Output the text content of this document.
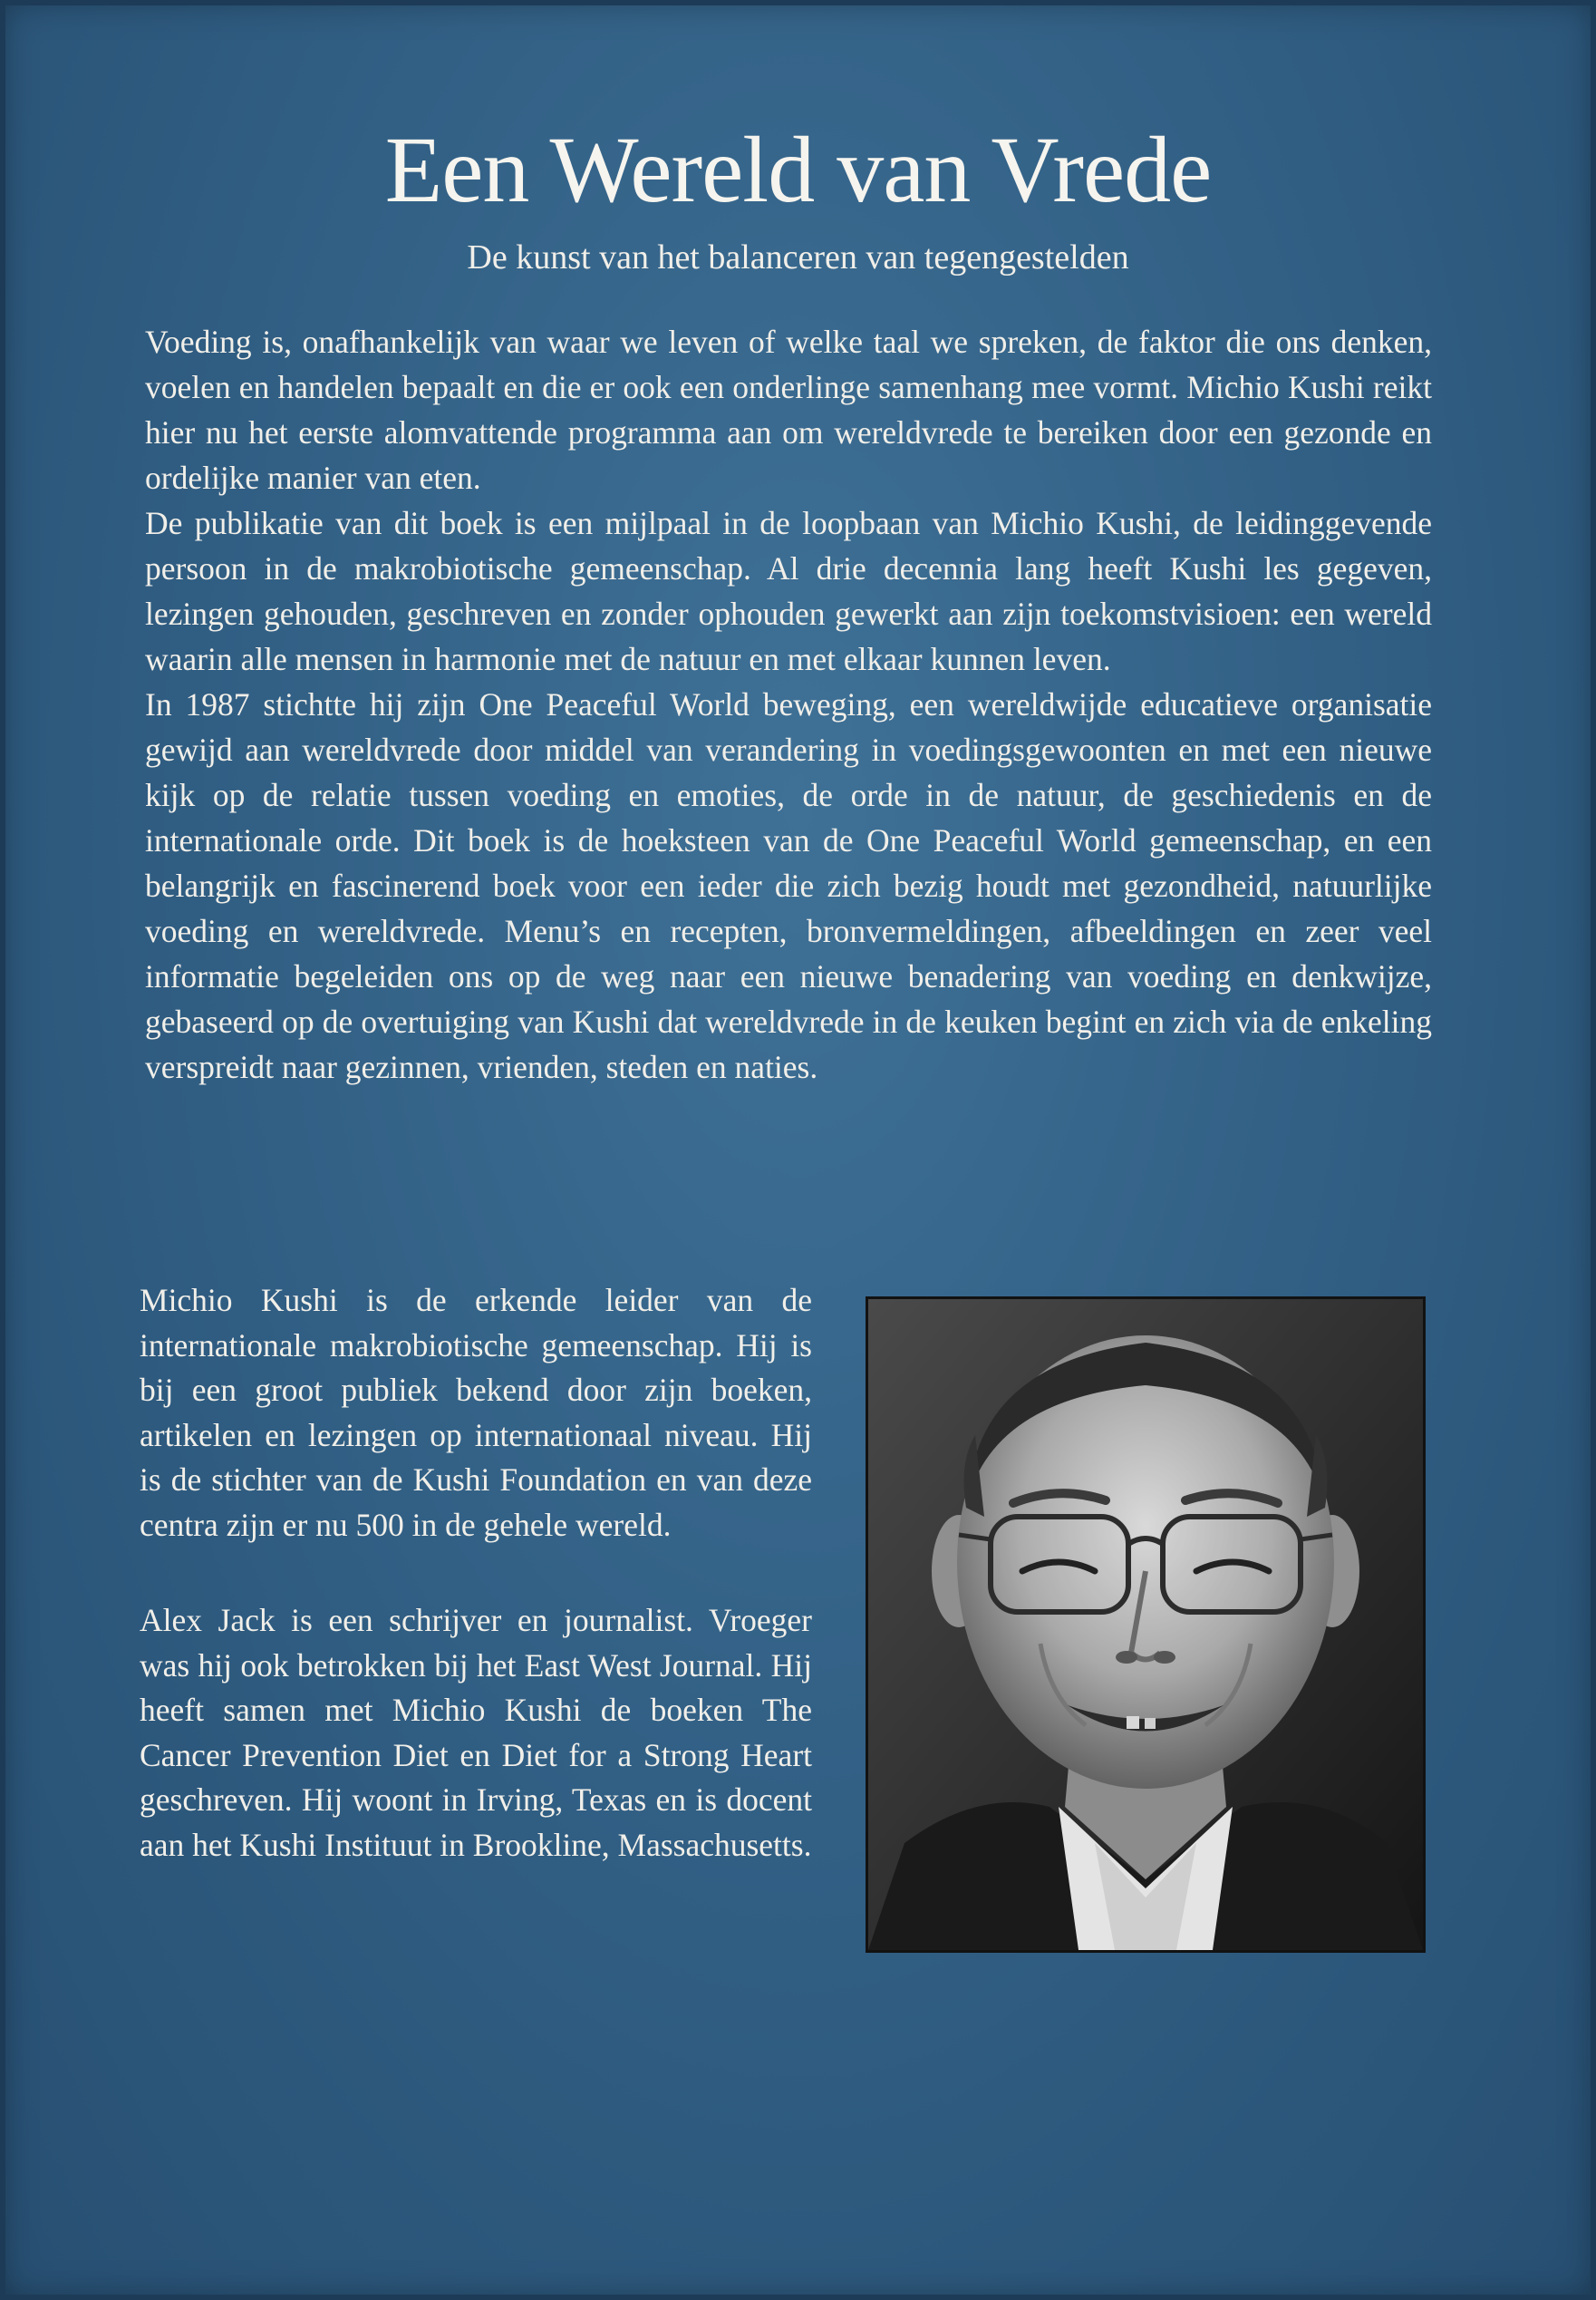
Een Wereld van Vrede

De kunst van het balanceren van tegengestelden

Voeding is, onafhankelijk van waar we leven of welke taal we spreken, de faktor die ons denken, voelen en handelen bepaalt en die er ook een onderlinge samenhang mee vormt. Michio Kushi reikt hier nu het eerste alomvattende programma aan om wereldvrede te bereiken door een gezonde en ordelijke manier van eten.

De publikatie van dit boek is een mijlpaal in de loopbaan van Michio Kushi, de leidinggevende persoon in de makrobiotische gemeenschap. Al drie decennia lang heeft Kushi les gegeven, lezingen gehouden, geschreven en zonder ophouden gewerkt aan zijn toekomstvisioen: een wereld waarin alle mensen in harmonie met de natuur en met elkaar kunnen leven.

In 1987 stichtte hij zijn One Peaceful World beweging, een wereldwijde educatieve organisatie gewijd aan wereldvrede door middel van verandering in voedingsgewoonten en met een nieuwe kijk op de relatie tussen voeding en emoties, de orde in de natuur, de geschiedenis en de internationale orde. Dit boek is de hoeksteen van de One Peaceful World gemeenschap, en een belangrijk en fascinerend boek voor een ieder die zich bezig houdt met gezondheid, natuurlijke voeding en wereldvrede. Menu’s en recepten, bronvermeldingen, afbeeldingen en zeer veel informatie begeleiden ons op de weg naar een nieuwe benadering van voeding en denkwijze, gebaseerd op de overtuiging van Kushi dat wereldvrede in de keuken begint en zich via de enkeling verspreidt naar gezinnen, vrienden, steden en naties.

Michio Kushi is de erkende leider van de internationale makrobiotische gemeenschap. Hij is bij een groot publiek bekend door zijn boeken, artikelen en lezingen op internationaal niveau. Hij is de stichter van de Kushi Foundation en van deze centra zijn er nu 500 in de gehele wereld.

Alex Jack is een schrijver en journalist. Vroeger was hij ook betrokken bij het East West Journal. Hij heeft samen met Michio Kushi de boeken The Cancer Prevention Diet en Diet for a Strong Heart geschreven. Hij woont in Irving, Texas en is docent aan het Kushi Instituut in Brookline, Massachusetts.
